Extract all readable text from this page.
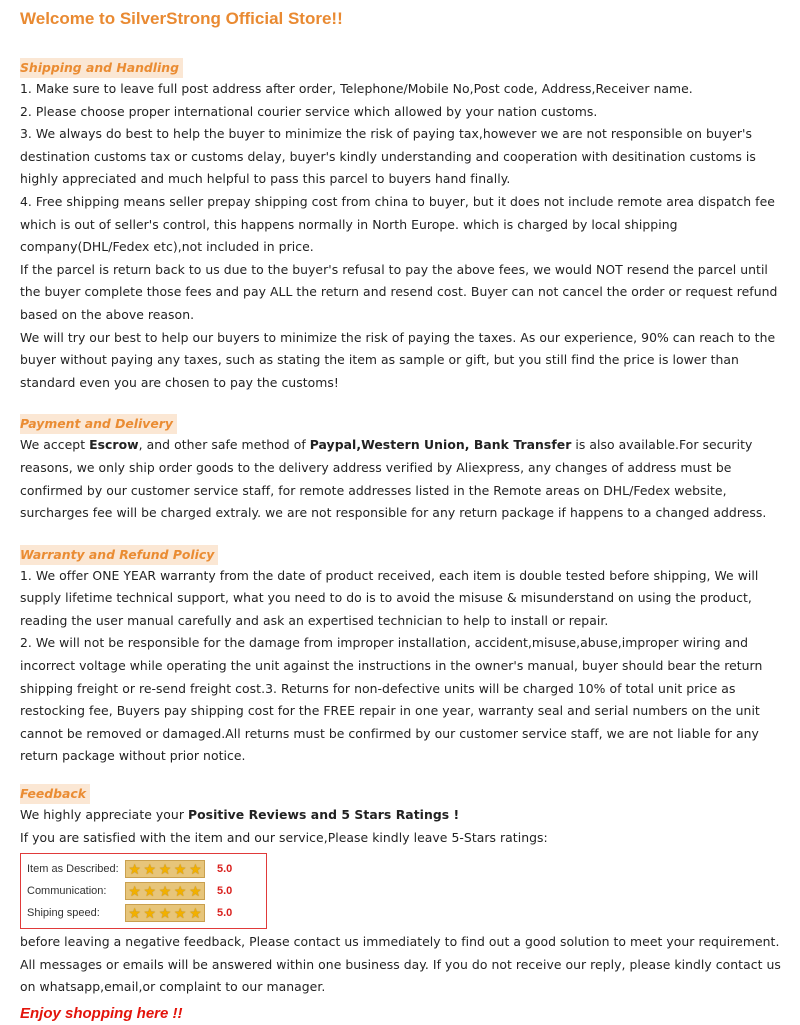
Welcome to SilverStrong Official Store!!
Shipping and Handling

1. Make sure to leave full post address after order, Telephone/Mobile No,Post code, Address,Receiver name.

2. Please choose proper international courier service which allowed by your nation customs.

3. We always do best to help the buyer to minimize the risk of paying tax,however we are not responsible on buyer's destination customs tax or customs delay, buyer's kindly understanding and cooperation with desitination customs is highly appreciated and much helpful to pass this parcel to buyers hand finally.

4. Free shipping means seller prepay shipping cost from china to buyer, but it does not include remote area dispatch fee which is out of seller's control, this happens normally in North Europe. which is charged by local shipping company(DHL/Fedex etc),not included in price.

If the parcel is return back to us due to the buyer's refusal to pay the above fees, we would NOT resend the parcel until the buyer complete those fees and pay ALL the return and resend cost. Buyer can not cancel the order or request refund based on the above reason.

We will try our best to help our buyers to minimize the risk of paying the taxes. As our experience, 90% can reach to the buyer without paying any taxes, such as stating the item as sample or gift, but you still find the price is lower than standard even you are chosen to pay the customs!

Payment and Delivery

We accept Escrow, and other safe method of Paypal,Western Union, Bank Transfer is also available.For security reasons, we only ship order goods to the delivery address verified by Aliexpress, any changes of address must be confirmed by our customer service staff, for remote addresses listed in the Remote areas on DHL/Fedex website, surcharges fee will be charged extraly. we are not responsible for any return package if happens to a changed address.

Warranty and Refund Policy

1. We offer ONE YEAR warranty from the date of product received, each item is double tested before shipping, We will supply lifetime technical support, what you need to do is to avoid the misuse & misunderstand on using the product, reading the user manual carefully and ask an expertised technician to help to install or repair.

2. We will not be responsible for the damage from improper installation, accident,misuse,abuse,improper wiring and incorrect voltage while operating the unit against the instructions in the owner's manual, buyer should bear the return shipping freight or re-send freight cost.3. Returns for non-defective units will be charged 10% of total unit price as restocking fee, Buyers pay shipping cost for the FREE repair in one year, warranty seal and serial numbers on the unit cannot be removed or damaged.All returns must be confirmed by our customer service staff, we are not liable for any return package without prior notice.

Feedback

We highly appreciate your Positive Reviews and 5 Stars Ratings !

If you are satisfied with the item and our service,Please kindly leave 5-Stars ratings:

Item as Described: ★ ★ ★ ★ ★ 5.0
Communication:	★ ★ ★ ★ ★ 5.0
Shiping speed:	★ ★ ★ ★ ★ 5.0

before leaving a negative feedback, Please contact us immediately to find out a good solution to meet your requirement.

All messages or emails will be answered within one business day. If you do not receive our reply, please kindly contact us on whatsapp,email,or complaint to our manager.

Enjoy shopping here !!
